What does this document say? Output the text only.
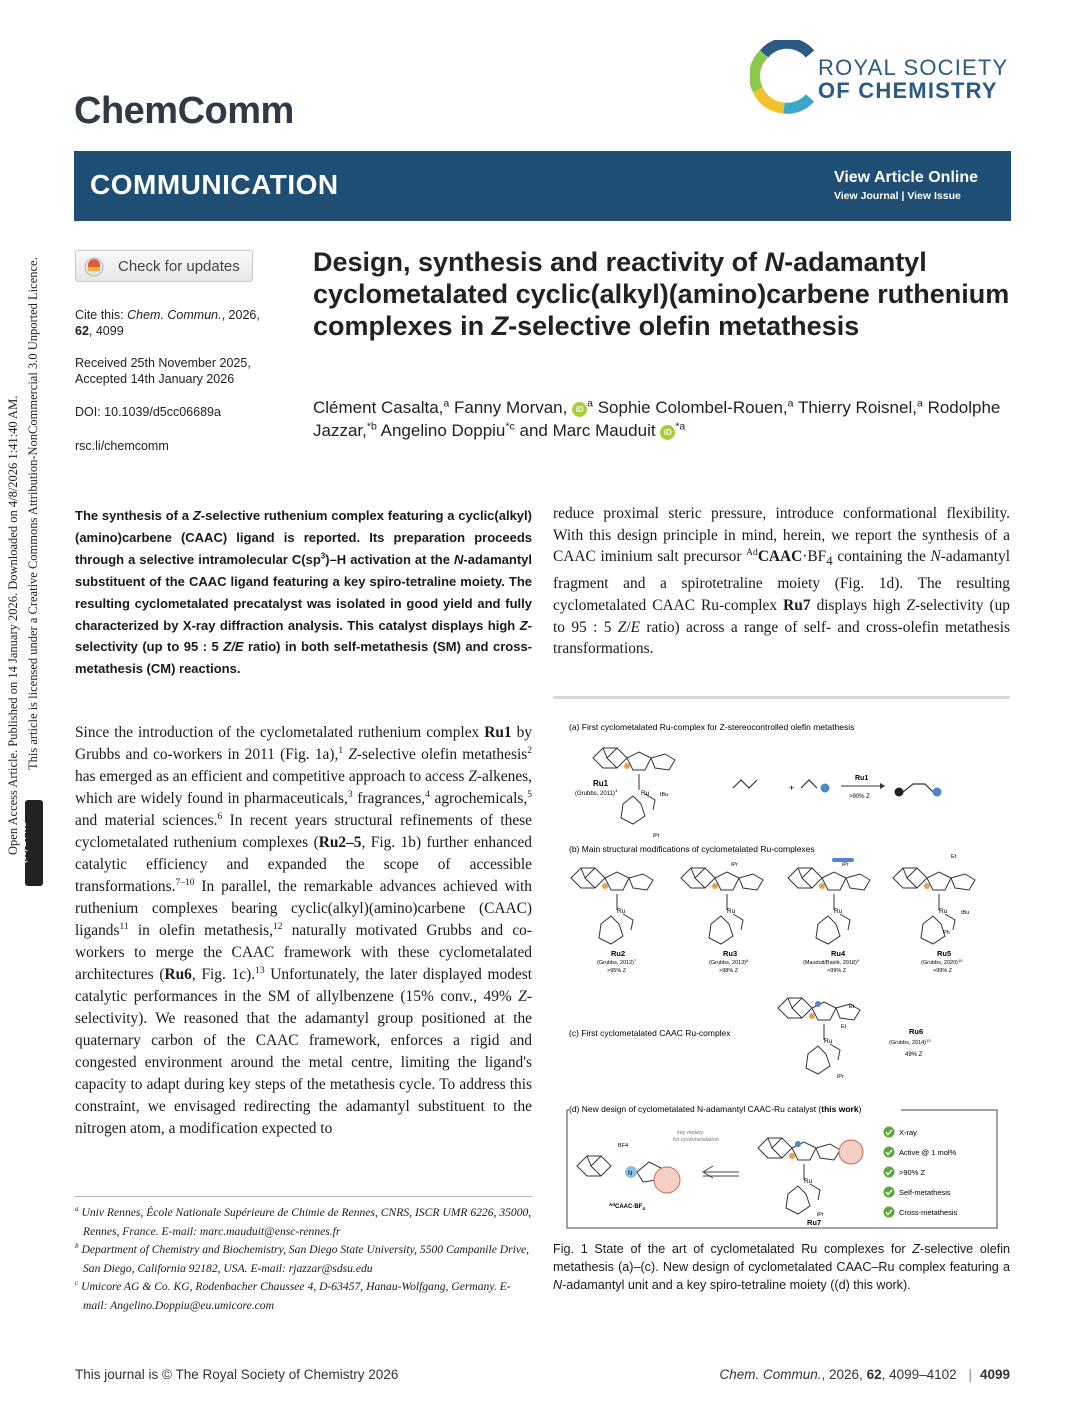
Open Access Article. Published on 14 January 2026. Downloaded on 4/8/2026 1:41:40 AM. This article is licensed under a Creative Commons Attribution-NonCommercial 3.0 Unported Licence.
(cc) BY-NC
ChemComm
ROYAL SOCIETY
OF CHEMISTRY
COMMUNICATION	View Article Online
View Journal | View Issue
Check for updates
Cite this: Chem. Commun., 2026,
62, 4099
Received 25th November 2025,
Accepted 14th January 2026
DOI: 10.1039/d5cc06689a
rsc.li/chemcomm
Design, synthesis and reactivity of N-adamantyl cyclometalated cyclic(alkyl)(amino)carbene ruthenium complexes in Z-selective olefin metathesis
Clément Casalta,$^a$ Fanny Morvan, $iD^a$ Sophie Colombel-Rouen,$^a$ Thierry Roisnel,$^a$ Rodolphe Jazzar,$^{*b}$ Angelino Doppiu$^{*c}$ and Marc Mauduit $iD^{*a}$
The synthesis of a Z-selective ruthenium complex featuring a cyclic(alkyl)(amino)carbene (CAAC) ligand is reported. Its preparation proceeds through a selective intramolecular $C(sp^3)-H$ activation at the N-adamantyl substituent of the CAAC ligand featuring a key spiro-tetraline moiety. The resulting cyclometalated precatalyst was isolated in good yield and fully characterized by X-ray diffraction analysis. This catalyst displays high Z-selectivity (up to 95 : 5 Z/E ratio) in both self-metathesis (SM) and cross-metathesis (CM) reactions.
reduce proximal steric pressure, introduce conformational flexibility. With this design principle in mind, herein, we report the synthesis of a CAAC iminium salt precursor $^{Ad}CAAC\cdot BF_4$ containing the N-adamantyl fragment and a spirotetraline moiety (Fig. 1d). The resulting cyclometalated CAAC Ru-complex Ru7 displays high Z-selectivity (up to 95 : 5 Z/E ratio) across a range of self- and cross-olefin metathesis transformations.
Since the introduction of the cyclometalated ruthenium complex Ru1 by Grubbs and co-workers in 2011 (Fig. 1a),$^1$ Z-selective olefin metathesis$^2$ has emerged as an efficient and competitive approach to access Z-alkenes, which are widely found in pharmaceuticals,$^3$ fragrances,$^4$ agrochemicals,$^5$ and material sciences.$^6$ In recent years structural refinements of these cyclometalated ruthenium complexes (Ru2–5, Fig. 1b) further enhanced catalytic efficiency and expanded the scope of accessible transformations.$^{7-10}$ In parallel, the remarkable advances achieved with ruthenium complexes bearing cyclic(alkyl)(amino)carbene (CAAC) ligands$^{11}$ in olefin metathesis,$^{12}$ naturally motivated Grubbs and co-workers to merge the CAAC framework with these cyclometalated architectures (Ru6, Fig. 1c).$^{13}$ Unfortunately, the later displayed modest catalytic performances in the SM of allylbenzene (15% conv., 49% Z-selectivity). We reasoned that the adamantyl group positioned at the quaternary carbon of the CAAC framework, enforces a rigid and congested environment around the metal centre, limiting the ligand's capacity to adapt during key steps of the metathesis cycle. To address this constraint, we envisaged redirecting the adamantyl substituent to the nitrogen atom, a modification expected to
$^a$ Univ Rennes, École Nationale Supérieure de Chimie de Rennes, CNRS, ISCR UMR 6226, 35000, Rennes, France. E-mail: marc.mauduit@ensc-rennes.fr
$^b$ Department of Chemistry and Biochemistry, San Diego State University, 5500 Campanile Drive, San Diego, California 92182, USA. E-mail: rjazzar@sdsu.edu
$^c$ Umicore AG & Co. KG, Rodenbacher Chaussee 4, D-63457, Hanau-Wolfgang, Germany. E-mail: Angelino.Doppiu@eu.umicore.com
(a) First cyclometalated Ru-complex for Z-stereocontrolled olefin metathesis
Ru tBu
iPr
Ru1
(Grubbs, 2011)$^1$	+
Ru1
>90% Z
(b) Main structural modifications of cyclometalated Ru-complexes
Ru	Ru	Ru	Ru
iPr	iPr
Et
Ph
tBu
Ru2
(Grubbs, 2012)$^7$
>95% Z
Ru3
(Grubbs, 2013)$^8$
>98% Z
Ru4
(Mauduit/Baslé, 2018)$^9$
>99% Z
Ru5
(Grubbs, 2020)$^{10}$
>99% Z
(c) First cyclometalated CAAC Ru-complex
Ru
Et
Et
iPr
Ru6
(Grubbs, 2014)$^{13}$
49% Z
(d) New design of cyclometalated N-adamantyl CAAC-Ru catalyst (this work)
N
BF4
key moiety
for cyclometalation
$^{Ad}CAAC\cdot BF_4$
Ru
iPr
Ru7
X-ray
Active @ 1 mol%
>90% Z
Self-metathesis
Cross-metathesis
Fig. 1 State of the art of cyclometalated Ru complexes for Z-selective olefin metathesis (a)–(c). New design of cyclometalated CAAC–Ru complex featuring a N-adamantyl unit and a key spiro-tetraline moiety ((d) this work).
This journal is © The Royal Society of Chemistry 2026	Chem. Commun., 2026, 62, 4099–4102 | 4099
